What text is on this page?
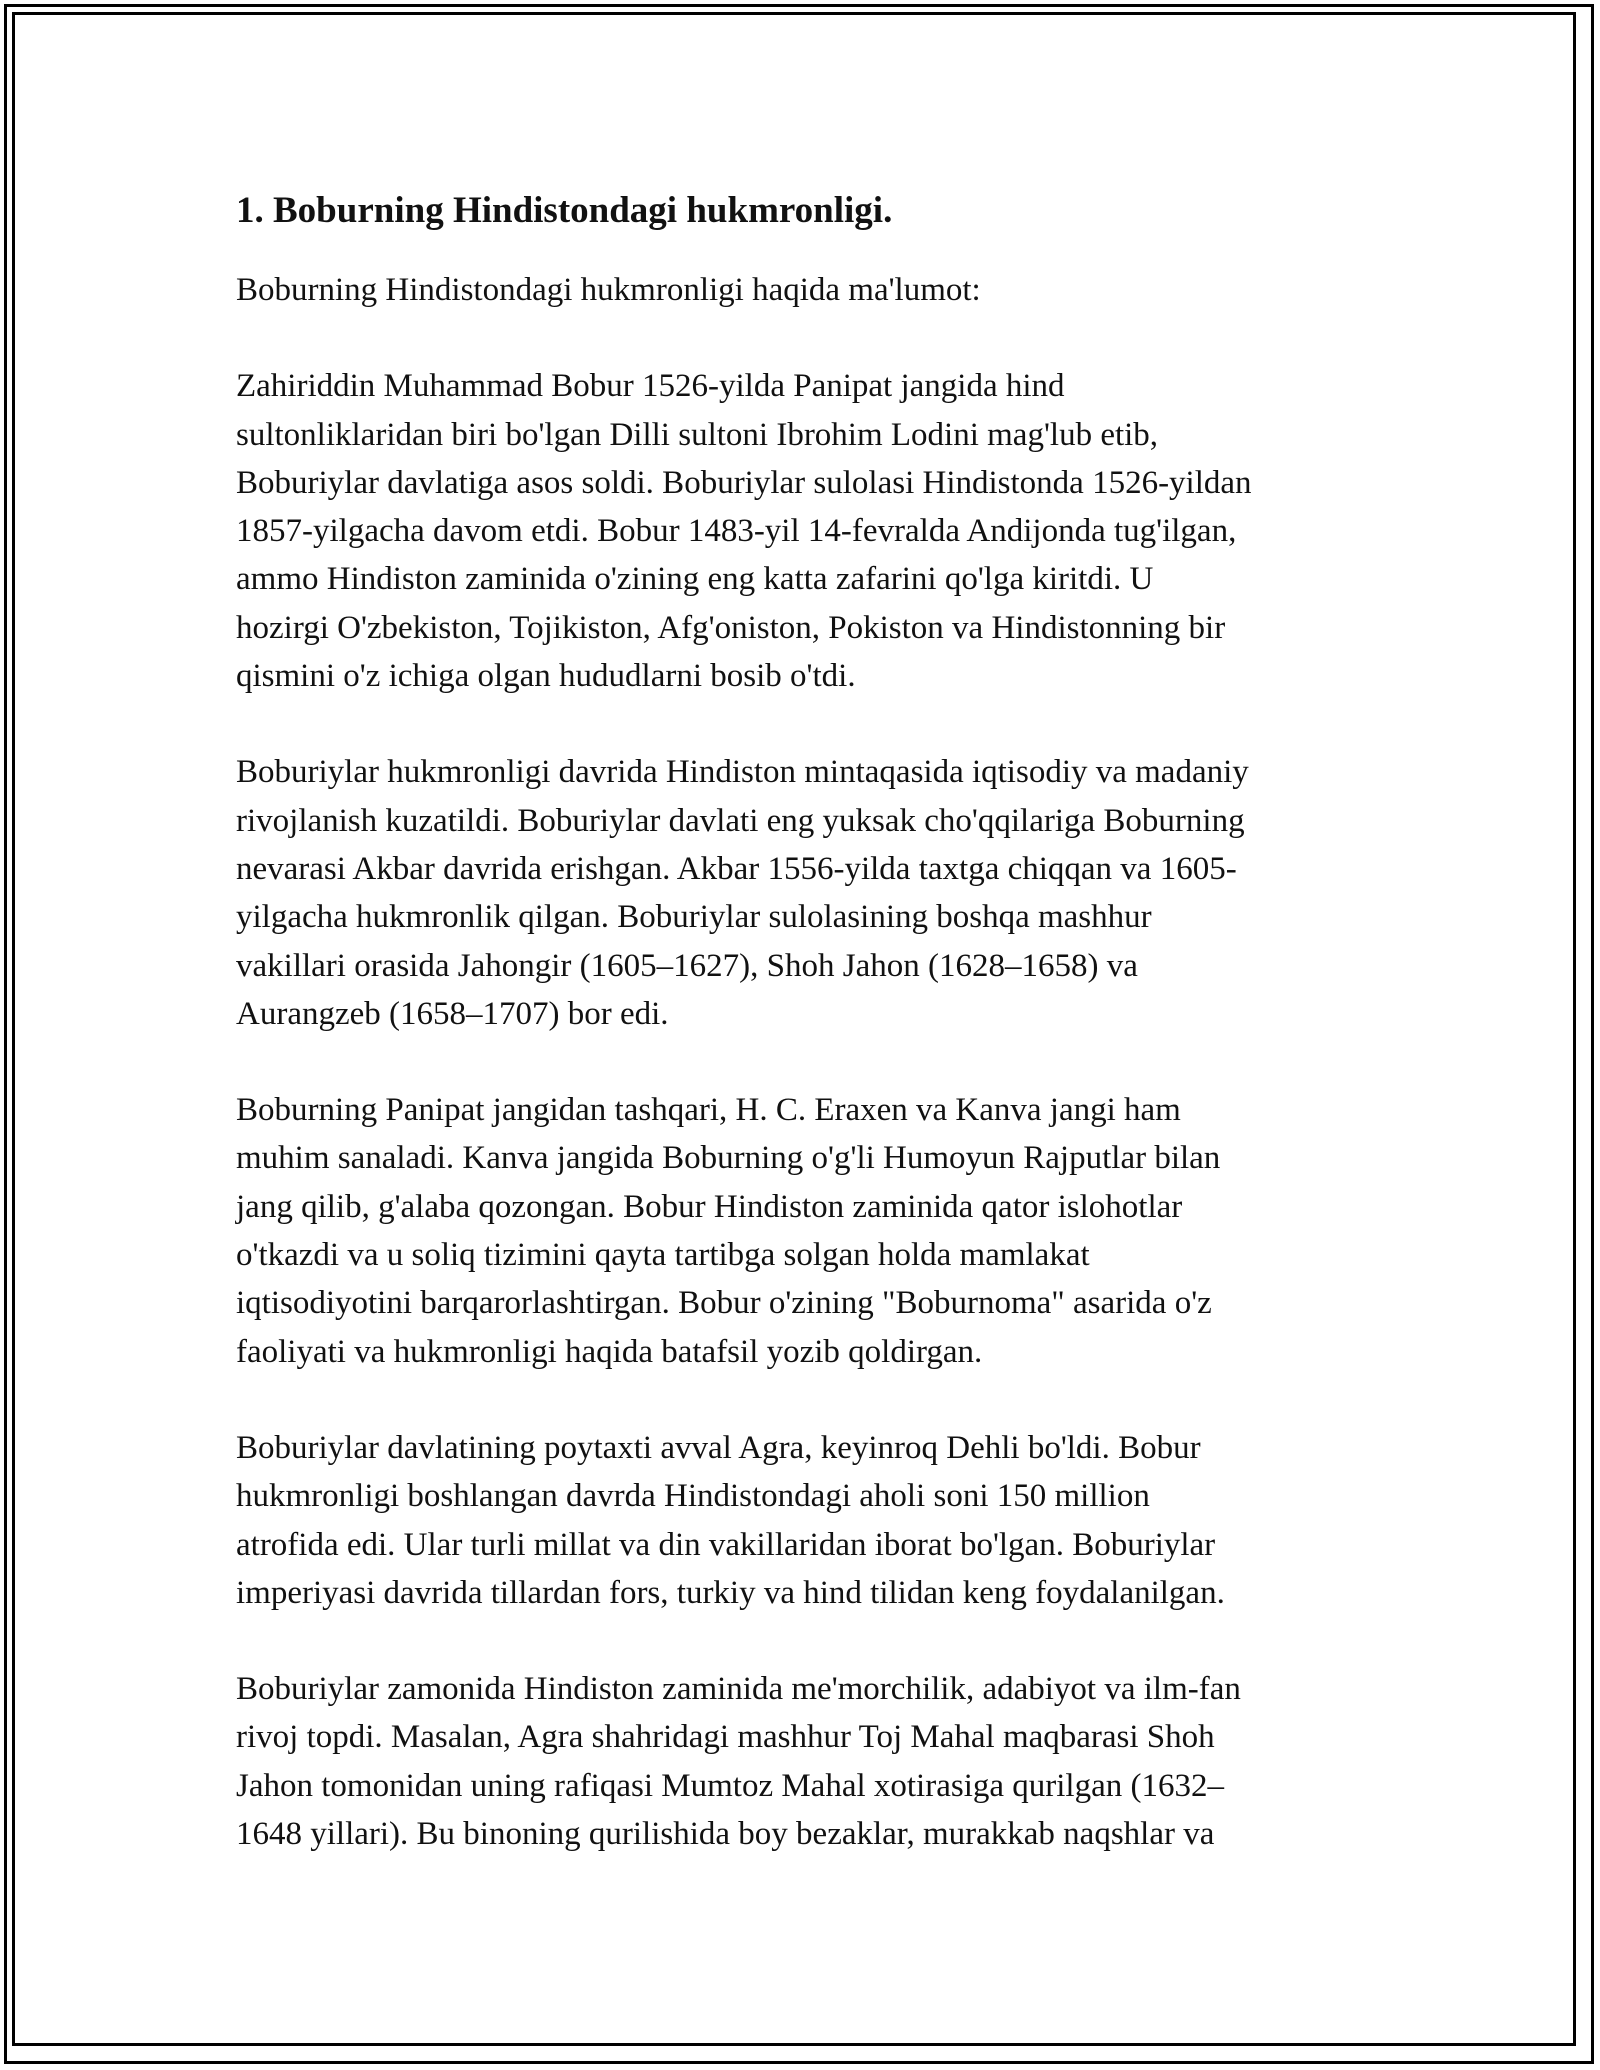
1. Boburning Hindistondagi hukmronligi.

Boburning Hindistondagi hukmronligi haqida ma'lumot:

Zahiriddin Muhammad Bobur 1526-yilda Panipat jangida hind
sultonliklaridan biri bo'lgan Dilli sultoni Ibrohim Lodini mag'lub etib,
Boburiylar davlatiga asos soldi. Boburiylar sulolasi Hindistonda 1526-yildan
1857-yilgacha davom etdi. Bobur 1483-yil 14-fevralda Andijonda tug'ilgan,
ammo Hindiston zaminida o'zining eng katta zafarini qo'lga kiritdi. U
hozirgi O'zbekiston, Tojikiston, Afg'oniston, Pokiston va Hindistonning bir
qismini o'z ichiga olgan hududlarni bosib o'tdi.

Boburiylar hukmronligi davrida Hindiston mintaqasida iqtisodiy va madaniy
rivojlanish kuzatildi. Boburiylar davlati eng yuksak cho'qqilariga Boburning
nevarasi Akbar davrida erishgan. Akbar 1556-yilda taxtga chiqqan va 1605-
yilgacha hukmronlik qilgan. Boburiylar sulolasining boshqa mashhur
vakillari orasida Jahongir (1605–1627), Shoh Jahon (1628–1658) va
Aurangzeb (1658–1707) bor edi.

Boburning Panipat jangidan tashqari, H. C. Eraxen va Kanva jangi ham
muhim sanaladi. Kanva jangida Boburning o'g'li Humoyun Rajputlar bilan
jang qilib, g'alaba qozongan. Bobur Hindiston zaminida qator islohotlar
o'tkazdi va u soliq tizimini qayta tartibga solgan holda mamlakat
iqtisodiyotini barqarorlashtirgan. Bobur o'zining "Boburnoma" asarida o'z
faoliyati va hukmronligi haqida batafsil yozib qoldirgan.

Boburiylar davlatining poytaxti avval Agra, keyinroq Dehli bo'ldi. Bobur
hukmronligi boshlangan davrda Hindistondagi aholi soni 150 million
atrofida edi. Ular turli millat va din vakillaridan iborat bo'lgan. Boburiylar
imperiyasi davrida tillardan fors, turkiy va hind tilidan keng foydalanilgan.

Boburiylar zamonida Hindiston zaminida me'morchilik, adabiyot va ilm-fan
rivoj topdi. Masalan, Agra shahridagi mashhur Toj Mahal maqbarasi Shoh
Jahon tomonidan uning rafiqasi Mumtoz Mahal xotirasiga qurilgan (1632–
1648 yillari). Bu binoning qurilishida boy bezaklar, murakkab naqshlar va
